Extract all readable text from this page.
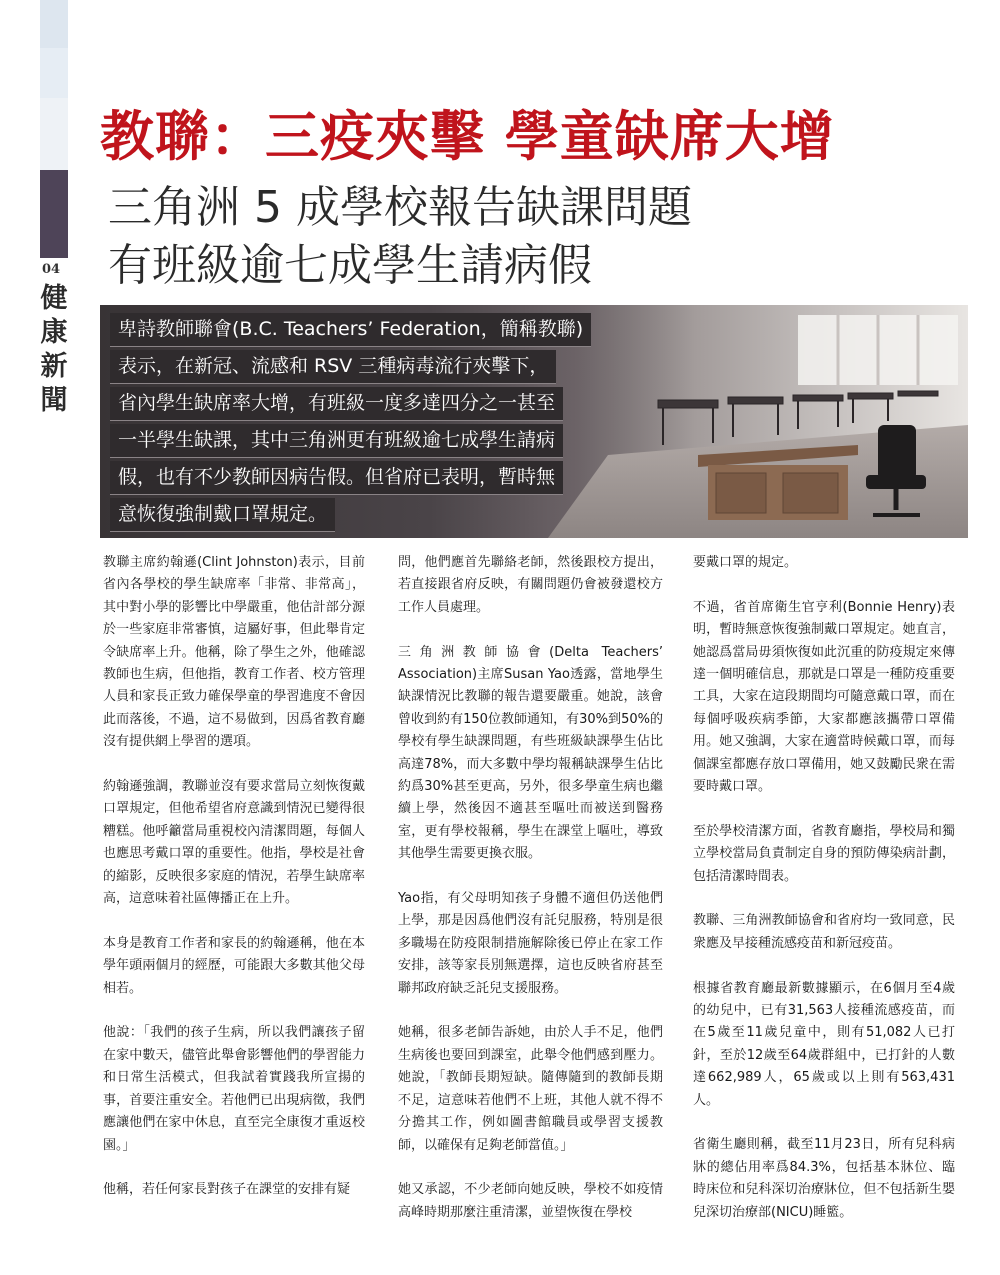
04
健
康
新
聞
教聯：三疫夾擊 學童缺席大增
三角洲 5 成學校報告缺課問題
有班級逾七成學生請病假
卑詩教師聯會(B.C. Teachers’ Federation，簡稱教聯)
表示，在新冠、流感和 RSV 三種病毒流行夾擊下，
省內學生缺席率大增，有班級一度多達四分之一甚至
一半學生缺課，其中三角洲更有班級逾七成學生請病
假，也有不少教師因病告假。但省府已表明，暫時無
意恢復強制戴口罩規定。

教聯主席約翰遜(Clint Johnston)表示，目前省內各學校的學生缺席率「非常、非常高」，其中對小學的影響比中學嚴重，他估計部分源於一些家庭非常審慎，這屬好事，但此舉肯定令缺席率上升。他稱，除了學生之外，他確認教師也生病，但他指，教育工作者、校方管理人員和家長正致力確保學童的學習進度不會因此而落後，不過，這不易做到，因爲省教育廳沒有提供網上學習的選項。

約翰遜強調，教聯並沒有要求當局立刻恢復戴口罩規定，但他希望省府意識到情況已變得很糟糕。他呼籲當局重視校內清潔問題，每個人也應思考戴口罩的重要性。他指，學校是社會的縮影，反映很多家庭的情況，若學生缺席率高，這意味着社區傳播正在上升。

本身是教育工作者和家長的約翰遜稱，他在本學年頭兩個月的經歷，可能跟大多數其他父母相若。

他說：「我們的孩子生病，所以我們讓孩子留在家中數天，儘管此舉會影響他們的學習能力和日常生活模式，但我試着實踐我所宣揚的事，首要注重安全。若他們已出現病徵，我們應讓他們在家中休息，直至完全康復才重返校園。」

他稱，若任何家長對孩子在課堂的安排有疑

問，他們應首先聯絡老師，然後跟校方提出，若直接跟省府反映，有關問題仍會被發還校方工作人員處理。

三角洲教師協會(Delta Teachers’ Association)主席Susan Yao透露，當地學生缺課情況比教聯的報告還要嚴重。她說，該會曾收到約有150位教師通知，有30%到50%的學校有學生缺課問題，有些班級缺課學生佔比高達78%，而大多數中學均報稱缺課學生佔比約爲30%甚至更高，另外，很多學童生病也繼續上學，然後因不適甚至嘔吐而被送到醫務室，更有學校報稱，學生在課堂上嘔吐，導致其他學生需要更換衣服。

Yao指，有父母明知孩子身體不適但仍送他們上學，那是因爲他們沒有託兒服務，特別是很多職場在防疫限制措施解除後已停止在家工作安排，該等家長別無選擇，這也反映省府甚至聯邦政府缺乏託兒支援服務。

她稱，很多老師告訴她，由於人手不足，他們生病後也要回到課室，此舉令他們感到壓力。她說，「教師長期短缺。隨傳隨到的教師長期不足，這意味若他們不上班，其他人就不得不分擔其工作，例如圖書館職員或學習支援教師，以確保有足夠老師當值。」

她又承認，不少老師向她反映，學校不如疫情高峰時期那麼注重清潔，並望恢復在學校

要戴口罩的規定。

不過，省首席衛生官亨利(Bonnie Henry)表明，暫時無意恢復強制戴口罩規定。她直言，她認爲當局毋須恢復如此沉重的防疫規定來傳達一個明確信息，那就是口罩是一種防疫重要工具，大家在這段期間均可隨意戴口罩，而在每個呼吸疾病季節，大家都應該攜帶口罩備用。她又強調，大家在適當時候戴口罩，而每個課室都應存放口罩備用，她又鼓勵民衆在需要時戴口罩。

至於學校清潔方面，省教育廳指，學校局和獨立學校當局負責制定自身的預防傳染病計劃，包括清潔時間表。

教聯、三角洲教師協會和省府均一致同意，民衆應及早接種流感疫苗和新冠疫苗。

根據省教育廳最新數據顯示，在6個月至4歲的幼兒中，已有31,563人接種流感疫苗，而在5歲至11歲兒童中，則有51,082人已打針，至於12歲至64歲群組中，已打針的人數達662,989人，65歲或以上則有563,431人。

省衛生廳則稱，截至11月23日，所有兒科病牀的總佔用率爲84.3%，包括基本牀位、臨時床位和兒科深切治療牀位，但不包括新生嬰兒深切治療部(NICU)睡籃。
